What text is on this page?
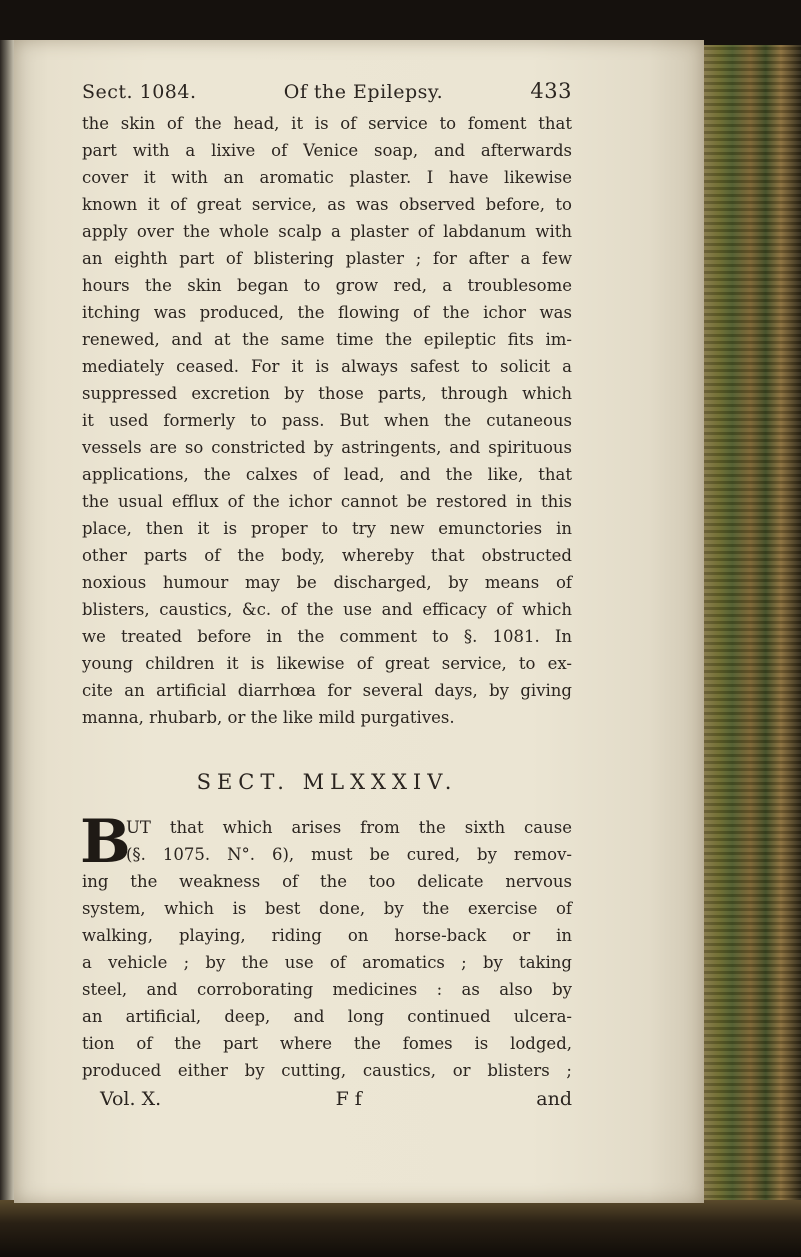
Sect. 1084.	Of the Epilepsy.	433
the skin of the head, it is of service to foment that
part with a lixive of Venice soap, and afterwards
cover it with an aromatic plaster. I have likewise
known it of great service, as was observed before, to
apply over the whole scalp a plaster of labdanum with
an eighth part of blistering plaster ; for after a few
hours the skin began to grow red, a troublesome
itching was produced, the flowing of the ichor was
renewed, and at the same time the epileptic fits im-
mediately ceased. For it is always safest to solicit a
suppressed excretion by those parts, through which
it used formerly to pass. But when the cutaneous
vessels are so constricted by astringents, and spirituous
applications, the calxes of lead, and the like, that
the usual efflux of the ichor cannot be restored in this
place, then it is proper to try new emunctories in
other parts of the body, whereby that obstructed
noxious humour may be discharged, by means of
blisters, caustics, &c. of the use and efficacy of which
we treated before in the comment to §. 1081. In
young children it is likewise of great service, to ex-
cite an artificial diarrhœa for several days, by giving
manna, rhubarb, or the like mild purgatives.
SECT. MLXXXIV.
B
UT that which arises from the sixth cause
(§. 1075. N°. 6), must be cured, by remov-
ing the weakness of the too delicate nervous
system, which is best done, by the exercise of
walking, playing, riding on horse-back or in
a vehicle ; by the use of aromatics ; by taking
steel, and corroborating medicines : as also by
an artificial, deep, and long continued ulcera-
tion of the part where the fomes is lodged,
produced either by cutting, caustics, or blisters ;
Vol. X.	F f	and
